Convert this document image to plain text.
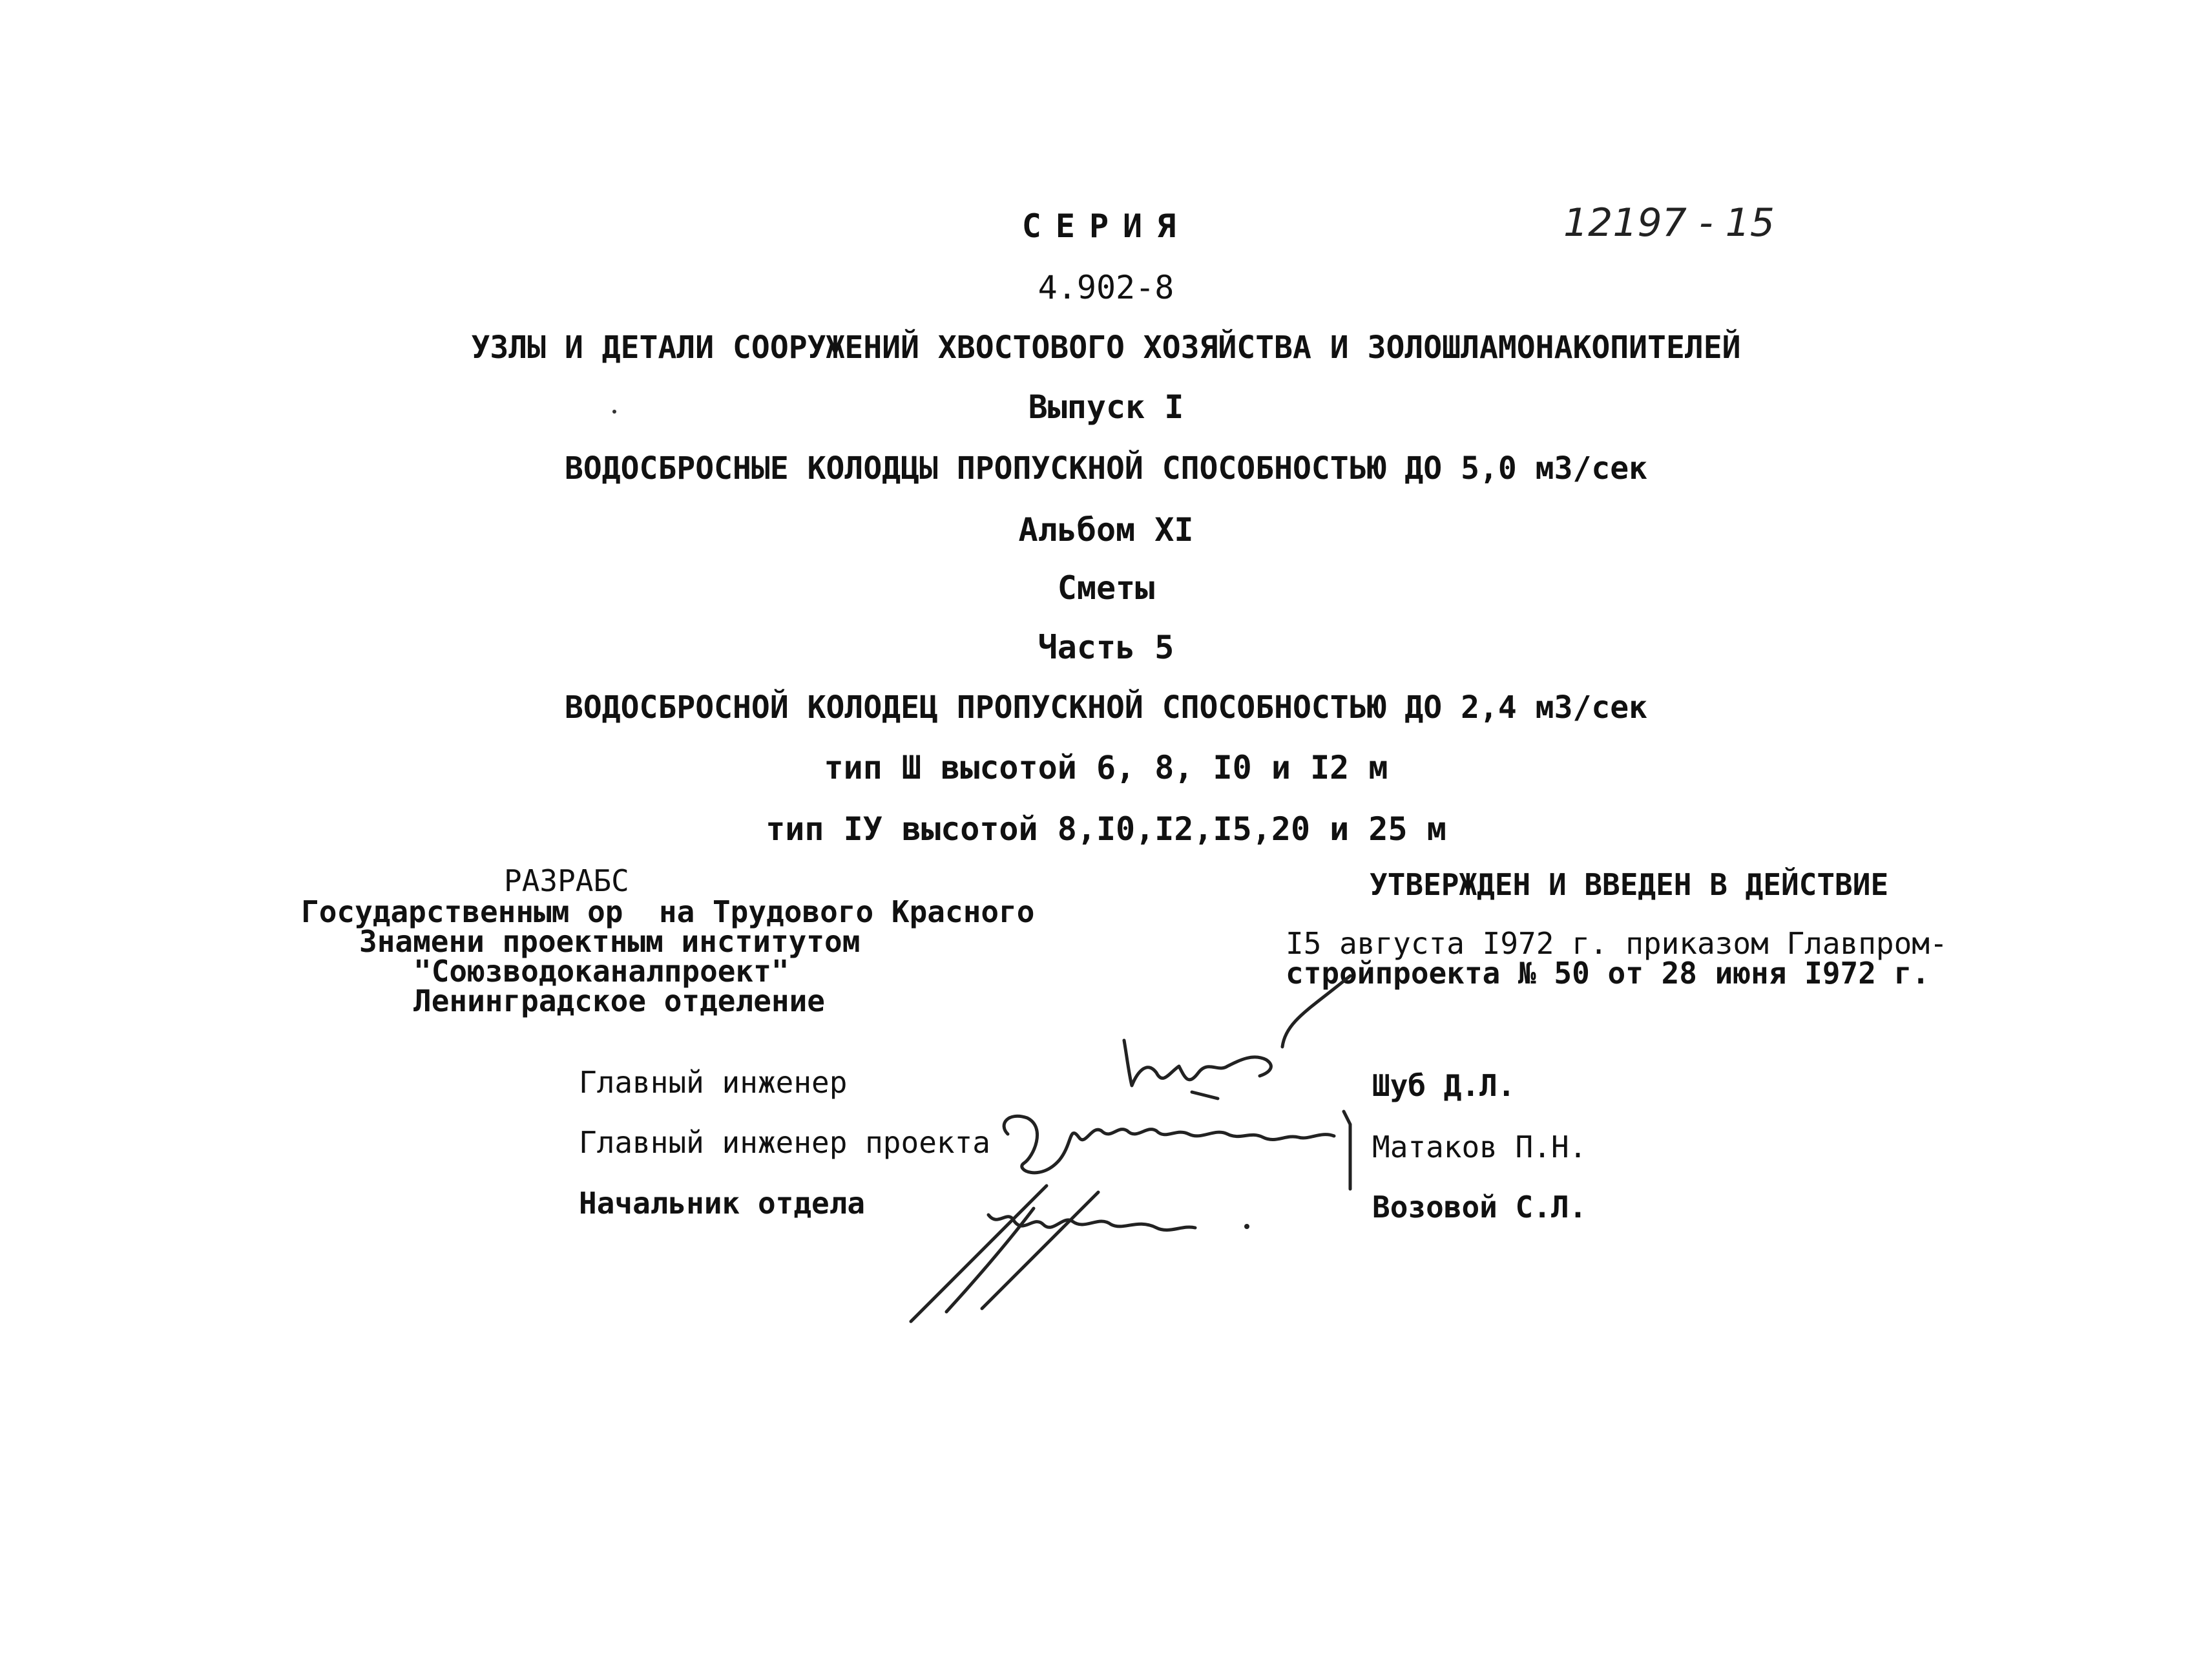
СЕРИЯ	12197 - 15
4.902-8
УЗЛЫ И ДЕТАЛИ СООРУЖЕНИЙ ХВОСТОВОГО ХОЗЯЙСТВА И ЗОЛОШЛАМОНАКОПИТЕЛЕЙ
Выпуск I
ВОДОСБРОСНЫЕ КОЛОДЦЫ ПРОПУСКНОЙ СПОСОБНОСТЬЮ ДО 5,0 м3/сек
Альбом XI
Сметы
Часть 5
ВОДОСБРОСНОЙ КОЛОДЕЦ ПРОПУСКНОЙ СПОСОБНОСТЬЮ ДО 2,4 м3/сек
тип Ш высотой 6, 8, I0 и I2 м
тип IУ высотой 8,I0,I2,I5,20 и 25 м
РАЗРАБС
Государственным ор  на Трудового Красного
Знамени проектным институтом
"Союзводоканалпроект"
Ленинградское отделение
УТВЕРЖДЕН И ВВЕДЕН В ДЕЙСТВИЕ
I5 августа I972 г. приказом Главпром-
стройпроекта № 50 от 28 июня I972 г.
Главный инженер	Шуб Д.Л.
Главный инженер проекта	Матаков П.Н.
Начальник отдела	Возовой С.Л.
